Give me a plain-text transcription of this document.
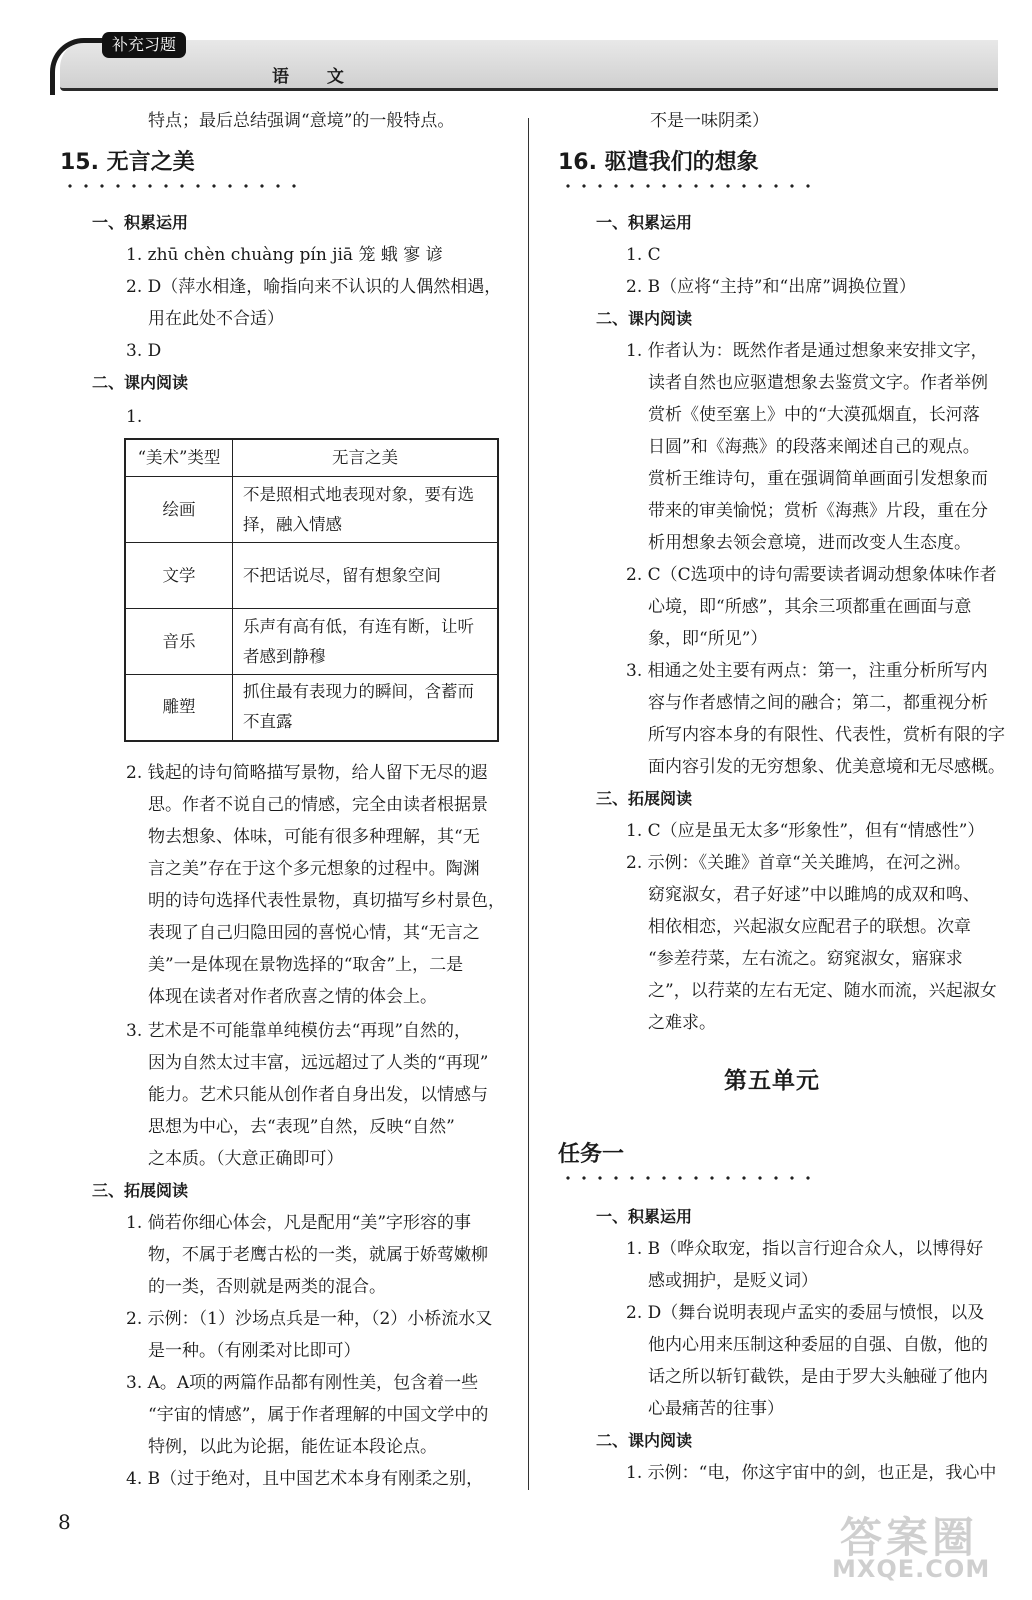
补充习题
语 文
特点；最后总结强调“意境”的一般特点。
15. 无言之美
一、积累运用
1. zhū chèn chuàng pín jiā 笼 蛾 寥 谚
2. D（萍水相逢，喻指向来不认识的人偶然相遇，
用在此处不合适）
3. D
二、课内阅读
1.
“美术”类型	无言之美
绘画	不是照相式地表现对象，要有选
择，融入情感
文学	不把话说尽，留有想象空间
音乐	乐声有高有低，有连有断，让听
者感到静穆
雕塑	抓住最有表现力的瞬间，含蓄而
不直露
2. 钱起的诗句简略描写景物，给人留下无尽的遐
思。作者不说自己的情感，完全由读者根据景
物去想象、体味，可能有很多种理解，其“无
言之美”存在于这个多元想象的过程中。陶渊
明的诗句选择代表性景物，真切描写乡村景色，
表现了自己归隐田园的喜悦心情，其“无言之
美”一是体现在景物选择的“取舍”上，二是
体现在读者对作者欣喜之情的体会上。
3. 艺术是不可能靠单纯模仿去“再现”自然的，
因为自然太过丰富，远远超过了人类的“再现”
能力。艺术只能从创作者自身出发，以情感与
思想为中心，去“表现”自然，反映“自然”
之本质。（大意正确即可）
三、拓展阅读
1. 倘若你细心体会，凡是配用“美”字形容的事
物，不属于老鹰古松的一类，就属于娇莺嫩柳
的一类，否则就是两类的混合。
2. 示例：（1）沙场点兵是一种，（2）小桥流水又
是一种。（有刚柔对比即可）
3. A。A项的两篇作品都有刚性美，包含着一些
“宇宙的情感”，属于作者理解的中国文学中的
特例，以此为论据，能佐证本段论点。
4. B（过于绝对，且中国艺术本身有刚柔之别，
不是一味阴柔）
16. 驱遣我们的想象
一、积累运用
1. C
2. B（应将“主持”和“出席”调换位置）
二、课内阅读
1. 作者认为：既然作者是通过想象来安排文字，
读者自然也应驱遣想象去鉴赏文字。作者举例
赏析《使至塞上》中的“大漠孤烟直，长河落
日圆”和《海燕》的段落来阐述自己的观点。
赏析王维诗句，重在强调简单画面引发想象而
带来的审美愉悦；赏析《海燕》片段，重在分
析用想象去领会意境，进而改变人生态度。
2. C（C选项中的诗句需要读者调动想象体味作者
心境，即“所感”，其余三项都重在画面与意
象，即“所见”）
3. 相通之处主要有两点：第一，注重分析所写内
容与作者感情之间的融合；第二，都重视分析
所写内容本身的有限性、代表性，赏析有限的字
面内容引发的无穷想象、优美意境和无尽感概。
三、拓展阅读
1. C（应是虽无太多“形象性”，但有“情感性”）
2. 示例：《关雎》首章“关关雎鸠，在河之洲。
窈窕淑女，君子好逑”中以雎鸠的成双和鸣、
相依相恋，兴起淑女应配君子的联想。次章
“参差荇菜，左右流之。窈窕淑女，寤寐求
之”，以荇菜的左右无定、随水而流，兴起淑女
之难求。
第五单元
任务一
一、积累运用
1. B（哗众取宠，指以言行迎合众人，以博得好
感或拥护，是贬义词）
2. D（舞台说明表现卢孟实的委屈与愤恨，以及
他内心用来压制这种委屈的自强、自傲，他的
话之所以斩钉截铁，是由于罗大头触碰了他内
心最痛苦的往事）
二、课内阅读
1. 示例：“电，你这宇宙中的剑，也正是，我心中
8	答案圈
MXQE.COM
